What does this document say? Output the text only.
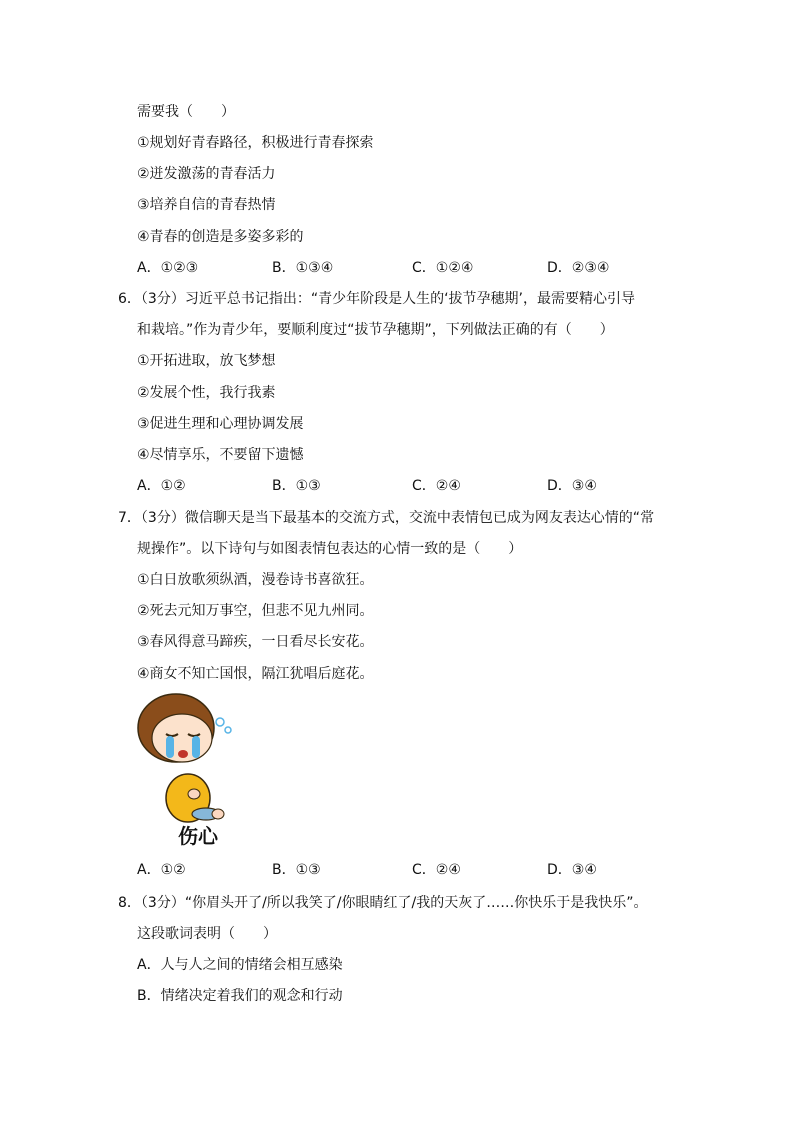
需要我（　　）
①规划好青春路径，积极进行青春探索
②迸发激荡的青春活力
③培养自信的青春热情
④青春的创造是多姿多彩的
A．①②③	B．①③④	C．①②④	D．②③④
6．（3分）习近平总书记指出：“青少年阶段是人生的‘拔节孕穗期’，最需要精心引导
和栽培。”作为青少年，要顺利度过“拔节孕穗期”，下列做法正确的有（　　）
①开拓进取，放飞梦想
②发展个性，我行我素
③促进生理和心理协调发展
④尽情享乐，不要留下遗憾
A．①②	B．①③	C．②④	D．③④
7．（3分）微信聊天是当下最基本的交流方式，交流中表情包已成为网友表达心情的“常
规操作”。以下诗句与如图表情包表达的心情一致的是（　　）
①白日放歌须纵酒，漫卷诗书喜欲狂。
②死去元知万事空，但悲不见九州同。
③春风得意马蹄疾，一日看尽长安花。
④商女不知亡国恨，隔江犹唱后庭花。
伤心
A．①②	B．①③	C．②④	D．③④
8．（3分）“你眉头开了/所以我笑了/你眼睛红了/我的天灰了……你快乐于是我快乐”。
这段歌词表明（　　）
A．人与人之间的情绪会相互感染
B．情绪决定着我们的观念和行动
